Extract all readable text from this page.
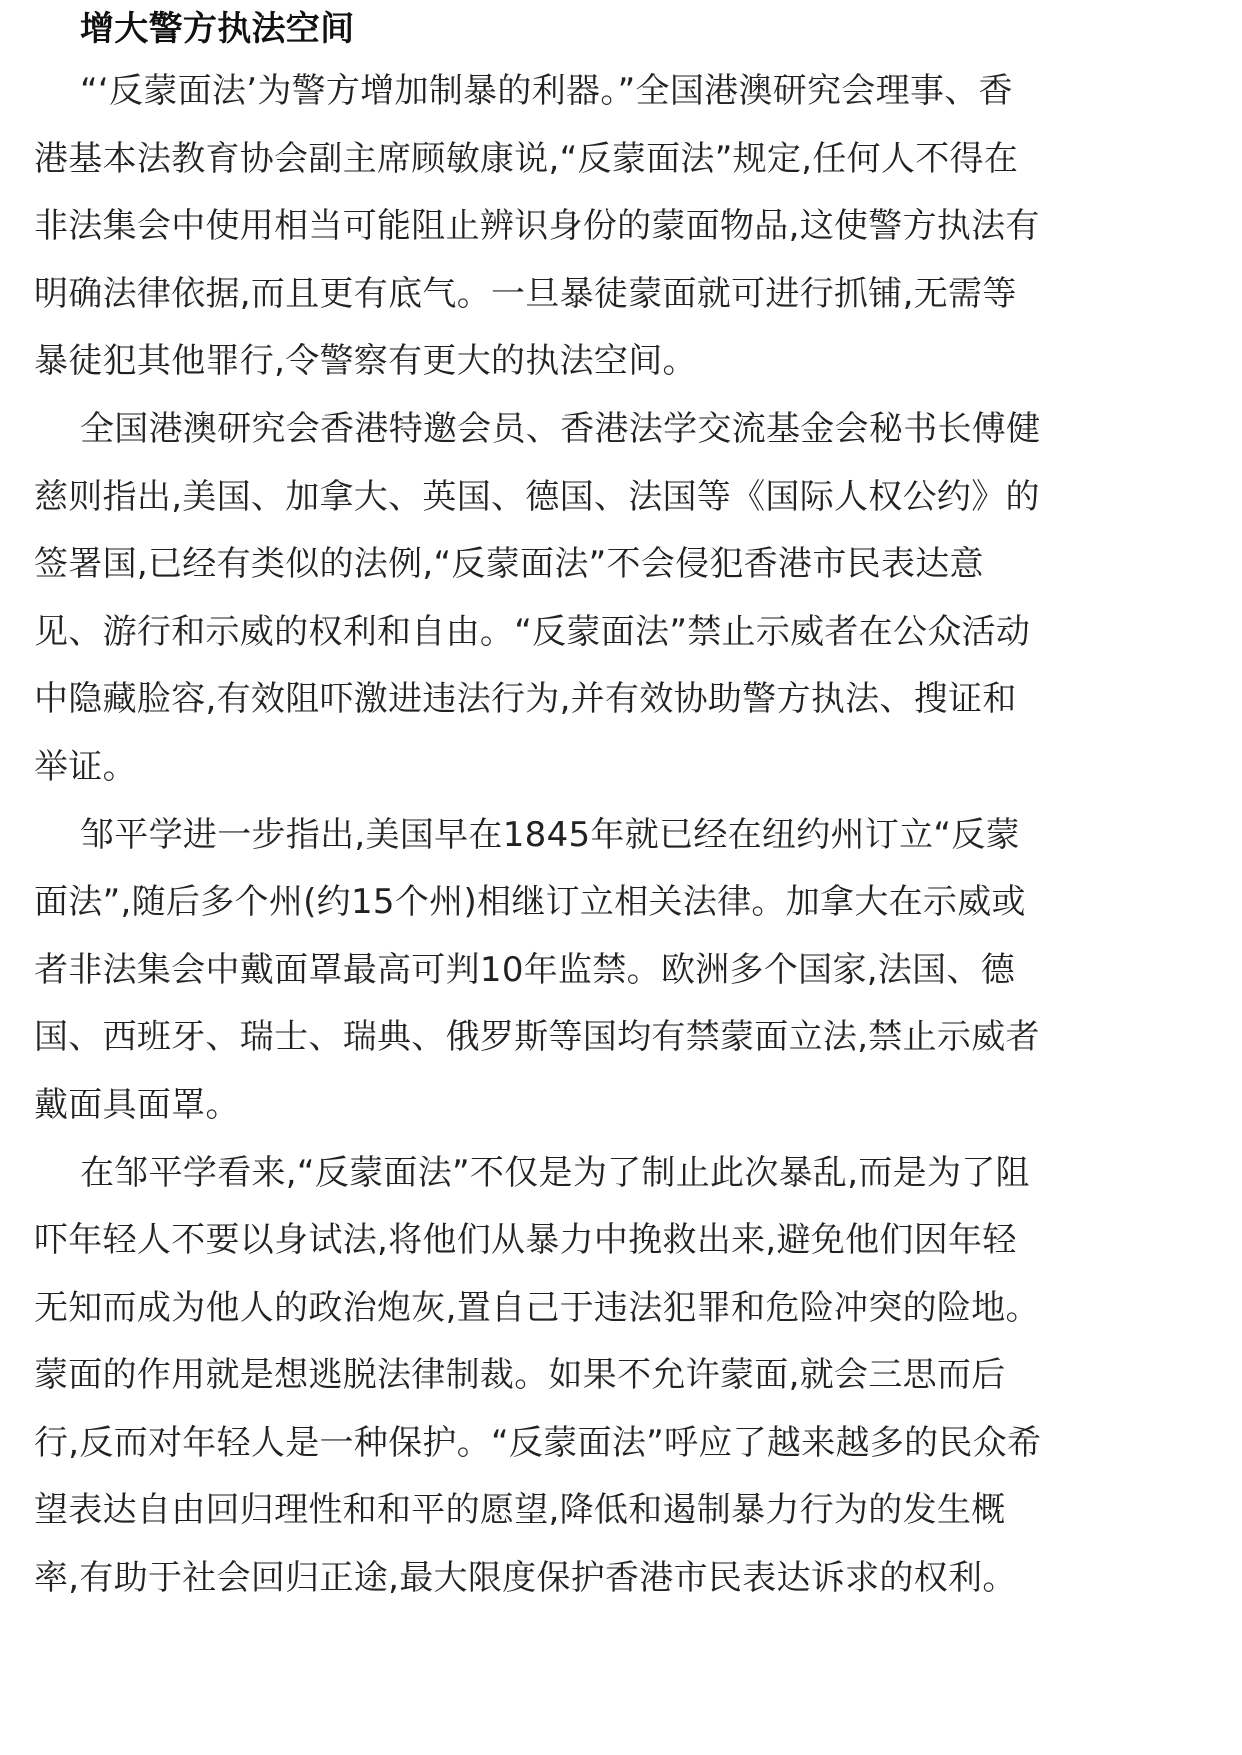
增大警方执法空间

“‘反蒙面法’为警方增加制暴的利器。”全国港澳研究会理事、香港基本法教育协会副主席顾敏康说,“反蒙面法”规定,任何人不得在非法集会中使用相当可能阻止辨识身份的蒙面物品,这使警方执法有明确法律依据,而且更有底气。一旦暴徒蒙面就可进行抓铺,无需等暴徒犯其他罪行,令警察有更大的执法空间。

全国港澳研究会香港特邀会员、香港法学交流基金会秘书长傅健慈则指出,美国、加拿大、英国、德国、法国等《国际人权公约》的签署国,已经有类似的法例,“反蒙面法”不会侵犯香港市民表达意见、游行和示威的权利和自由。“反蒙面法”禁止示威者在公众活动中隐藏脸容,有效阻吓激进违法行为,并有效协助警方执法、搜证和举证。

邹平学进一步指出,美国早在1845年就已经在纽约州订立“反蒙面法”,随后多个州(约15个州)相继订立相关法律。加拿大在示威或者非法集会中戴面罩最高可判10年监禁。欧洲多个国家,法国、德国、西班牙、瑞士、瑞典、俄罗斯等国均有禁蒙面立法,禁止示威者戴面具面罩。

在邹平学看来,“反蒙面法”不仅是为了制止此次暴乱,而是为了阻吓年轻人不要以身试法,将他们从暴力中挽救出来,避免他们因年轻无知而成为他人的政治炮灰,置自己于违法犯罪和危险冲突的险地。蒙面的作用就是想逃脱法律制裁。如果不允许蒙面,就会三思而后行,反而对年轻人是一种保护。“反蒙面法”呼应了越来越多的民众希望表达自由回归理性和和平的愿望,降低和遏制暴力行为的发生概率,有助于社会回归正途,最大限度保护香港市民表达诉求的权利。
